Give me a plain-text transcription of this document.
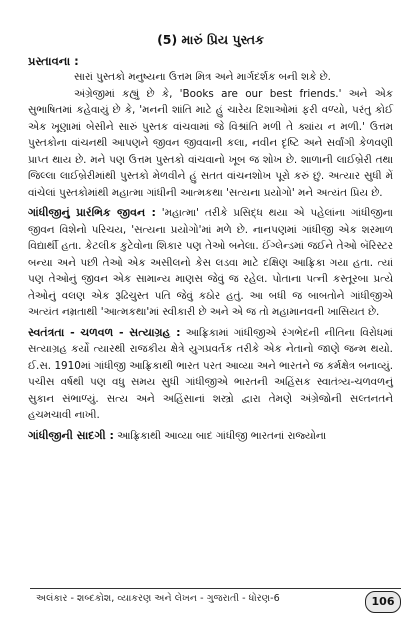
(5) મારું પ્રિય પુસ્તક
પ્રસ્તાવના :

સારાં પુસ્તકો મનુષ્યના ઉત્તમ મિત્ર અને માર્ગદર્શક બની શકે છે.

અંગ્રેજીમાં કહ્યું છે કે, 'Books are our best friends.' અને એક સુભાષિતમાં કહેવાયું છે કે, 'મનની શાંતિ માટે હું ચારેય દિશાઓમાં ફરી વળ્યો, પરંતુ કોઈ એક ખૂણામાં બેસીને સારું પુસ્તક વાંચવામાં જે વિશ્રાંતિ મળી તે ક્યાંય ન મળી.' ઉત્તમ પુસ્તકોના વાંચનથી આપણને જીવન જીવવાની કલા, નવીન દૃષ્ટિ અને સર્વાંગી કેળવણી પ્રાપ્ત થાય છે. મને પણ ઉત્તમ પુસ્તકો વાંચવાનો ખૂબ જ શોખ છે. શાળાની લાઈબ્રેરી તથા જિલ્લા લાઈબ્રેરીમાંથી પુસ્તકો મેળવીને હું સતત વાંચનશોખ પૂરો કરું છું. અત્યાર સુધી મેં વાંચેલાં પુસ્તકોમાંથી મહાત્મા ગાંધીની આત્મકથા 'સત્યના પ્રયોગો' મને અત્યંત પ્રિય છે.

ગાંધીજીનું પ્રારંભિક જીવન : 'મહાત્મા' તરીકે પ્રસિદ્ધ થયા એ પહેલાંના ગાંધીજીના જીવન વિશેનો પરિચય, 'સત્યના પ્રયોગો'માં મળે છે. નાનપણમાં ગાંધીજી એક શરમાળ વિદ્યાર્થી હતા. કેટલીક કુટેવોના શિકાર પણ તેઓ બનેલા. ઈંગ્લેન્ડમાં જઈને તેઓ બૅરિસ્ટર બન્યા અને પછી તેઓ એક અસીલનો કેસ લડવા માટે દક્ષિણ આફ્રિકા ગયા હતા. ત્યાં પણ તેઓનું જીવન એક સામાન્ય માણસ જેવું જ રહેલ. પોતાના પત્ની કસ્તૂરબા પ્રત્યે તેઓનું વલણ એક રૂઢિચુસ્ત પતિ જેવું કઠોર હતું. આ બધી જ બાબતોને ગાંધીજીએ અત્યંત નમ્રતાથી 'આત્મકથા'માં સ્વીકારી છે અને એ જ તો મહામાનવની ખાસિયત છે.

સ્વતંત્રતા - ચળવળ - સત્યાગ્રહ : આફ્રિકામાં ગાંધીજીએ રંગભેદની નીતિના વિરોધમાં સત્યાગ્રહ કર્યો ત્યારથી રાજકીય ક્ષેત્રે યુગપ્રવર્તક તરીકે એક નેતાનો જાણે જન્મ થયો. ઈ.સ. 1910માં ગાંધીજી આફ્રિકાથી ભારત પરત આવ્યા અને ભારતને જ કર્મક્ષેત્ર બનાવ્યું. પચીસ વર્ષથી પણ વધુ સમય સુધી ગાંધીજીએ ભારતની અહિંસક સ્વાતંત્ર્ય-ચળવળનું સુકાન સંભાળ્યું. સત્ય અને અહિંસાનાં શસ્ત્રો દ્વારા તેમણે અંગ્રેજોની સલ્તનતને હચમચાવી નાખી.

ગાંધીજીની સાદગી : આફ્રિકાથી આવ્યા બાદ ગાંધીજી ભારતનાં રાજ્યોના

અલંકાર - શબ્દકોશ, વ્યાકરણ અને લેખન - ગુજરાતી - ધોરણ-6	106
